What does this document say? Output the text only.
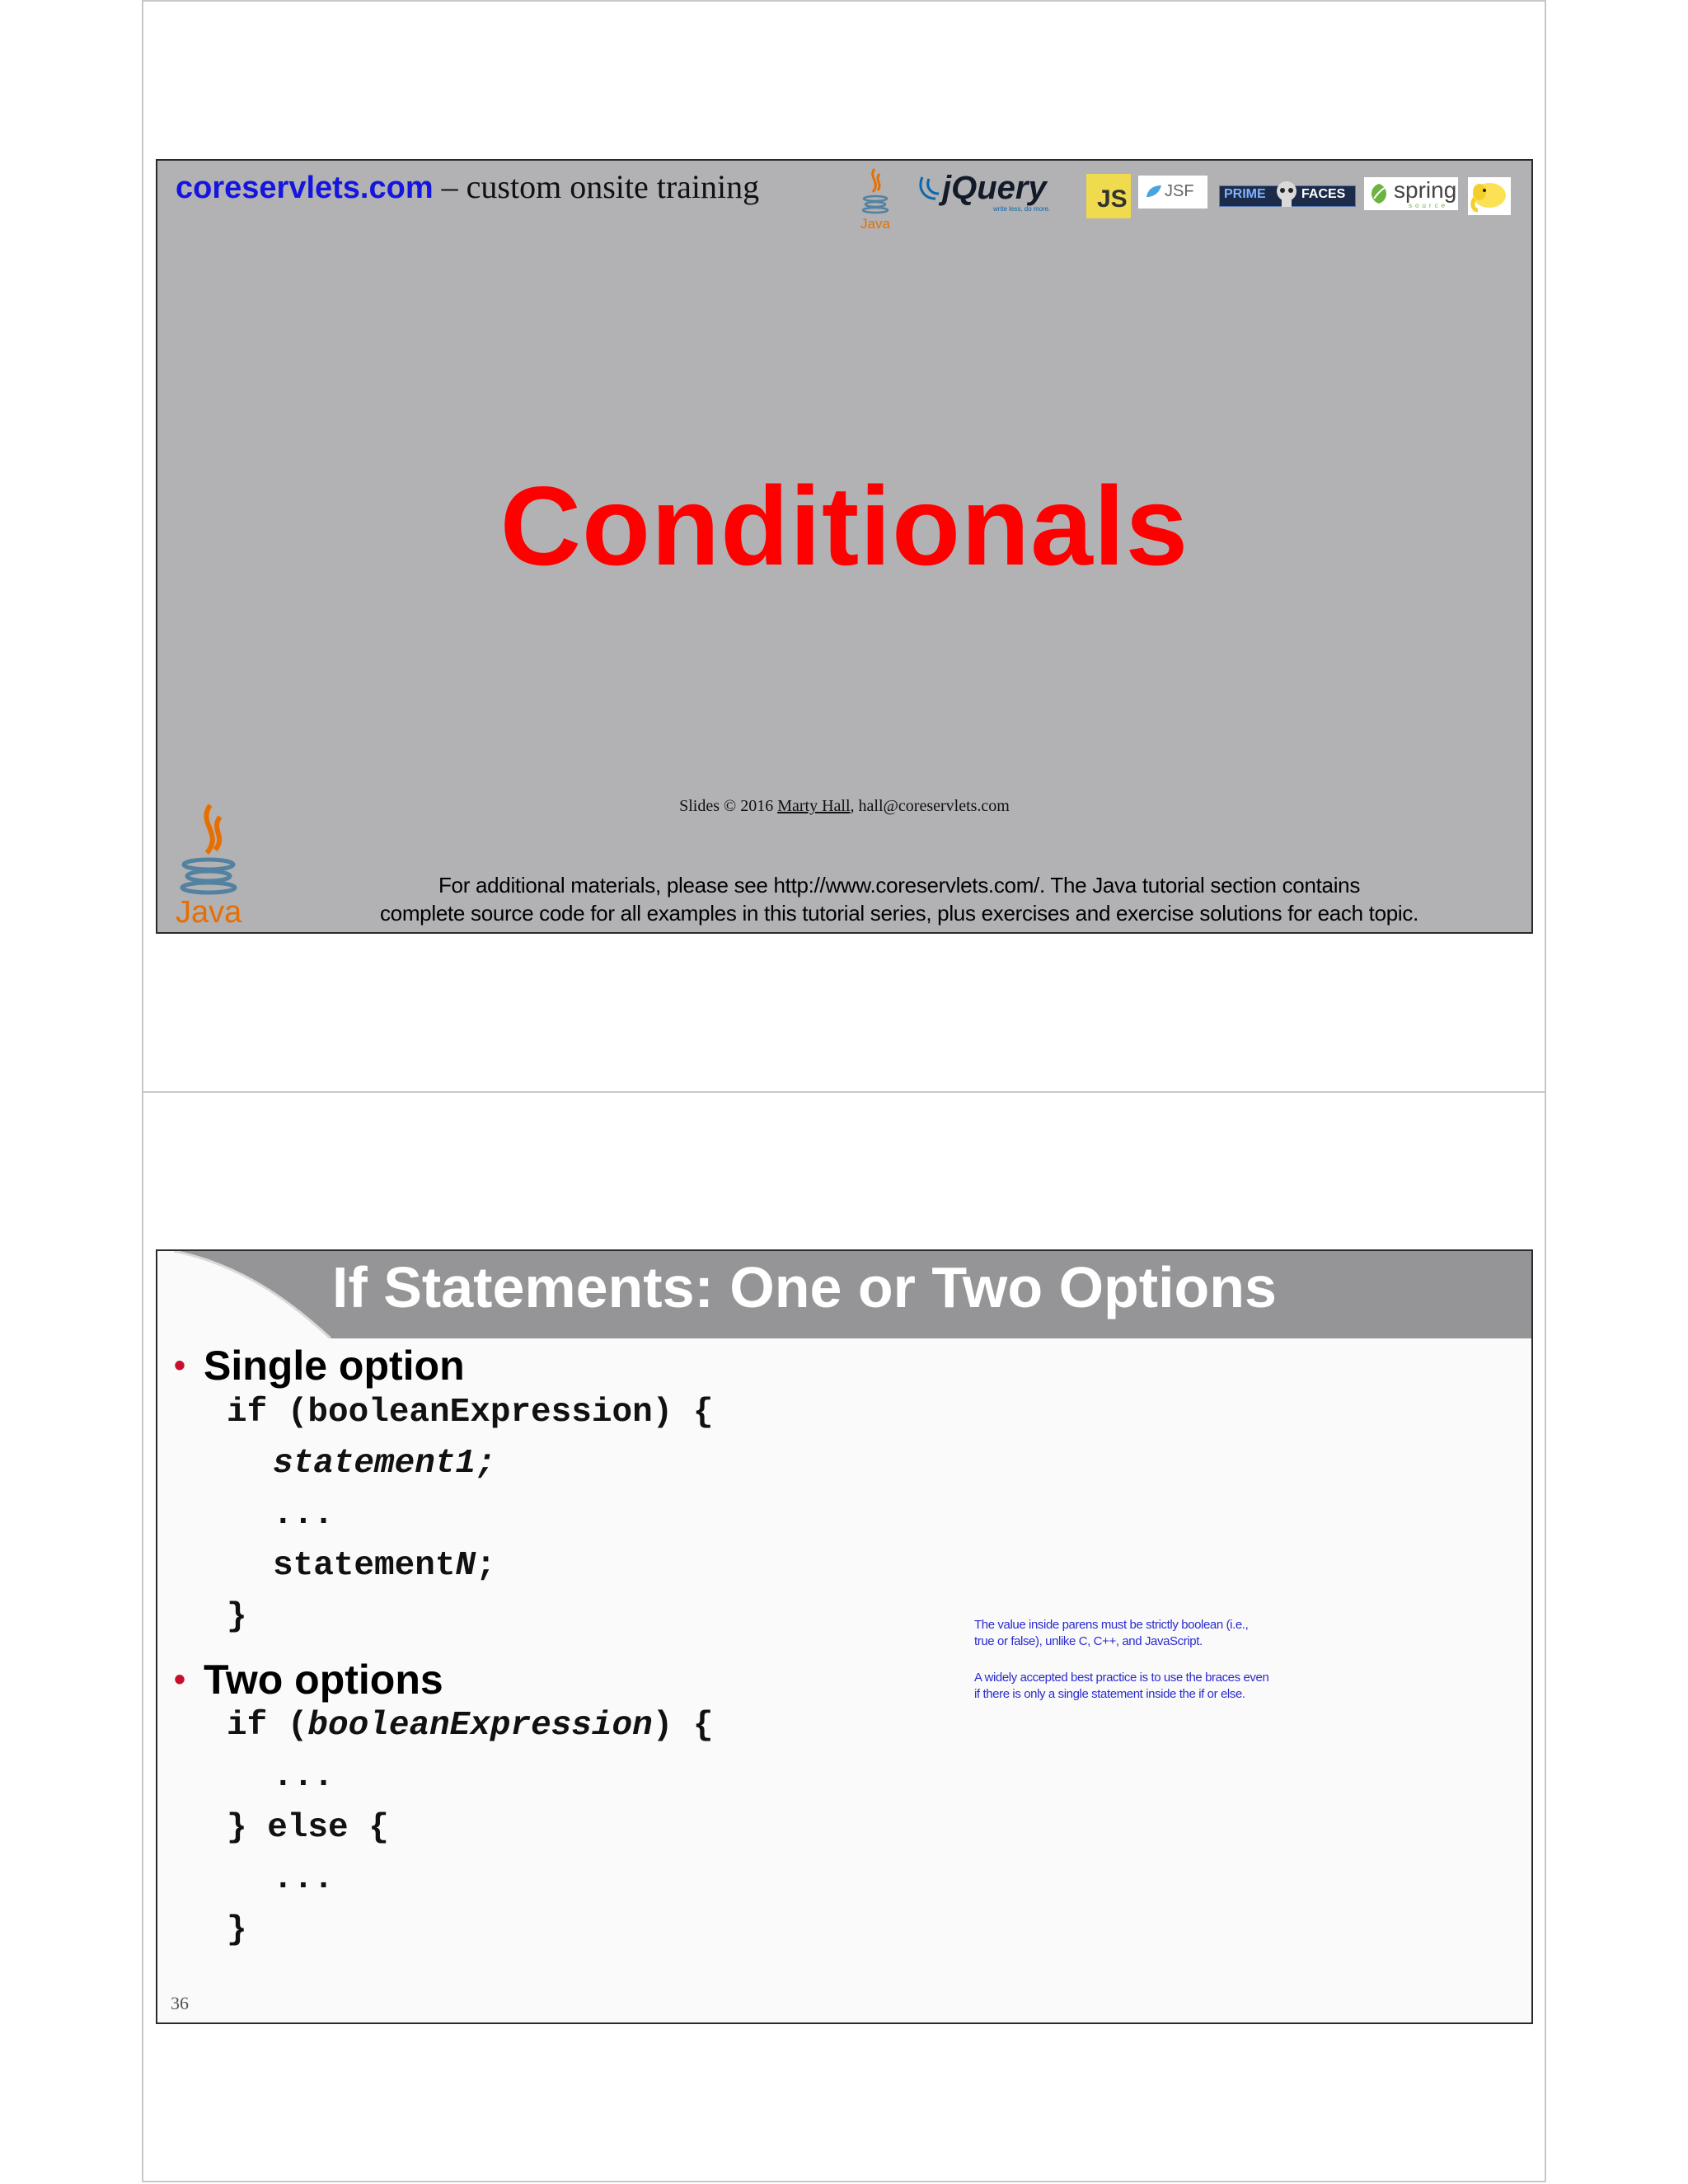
coreservlets.com – custom onsite training
Java
jQuery
write less, do more. JS JSF PRIME	FACES spring
source
Conditionals
Slides © 2016 Marty Hall, hall@coreservlets.com
Java
For additional materials, please see http://www.coreservlets.com/. The Java tutorial section contains
complete source code for all examples in this tutorial series, plus exercises and exercise solutions for each topic.
If Statements: One or Two Options
• Single option
if (booleanExpression) {
statement1;
...
statementN;
}
• Two options
if (booleanExpression) {
...
} else {
...
}
The value inside parens must be strictly boolean (i.e.,
true or false), unlike C, C++, and JavaScript.
A widely accepted best practice is to use the braces even
if there is only a single statement inside the if or else.
36
